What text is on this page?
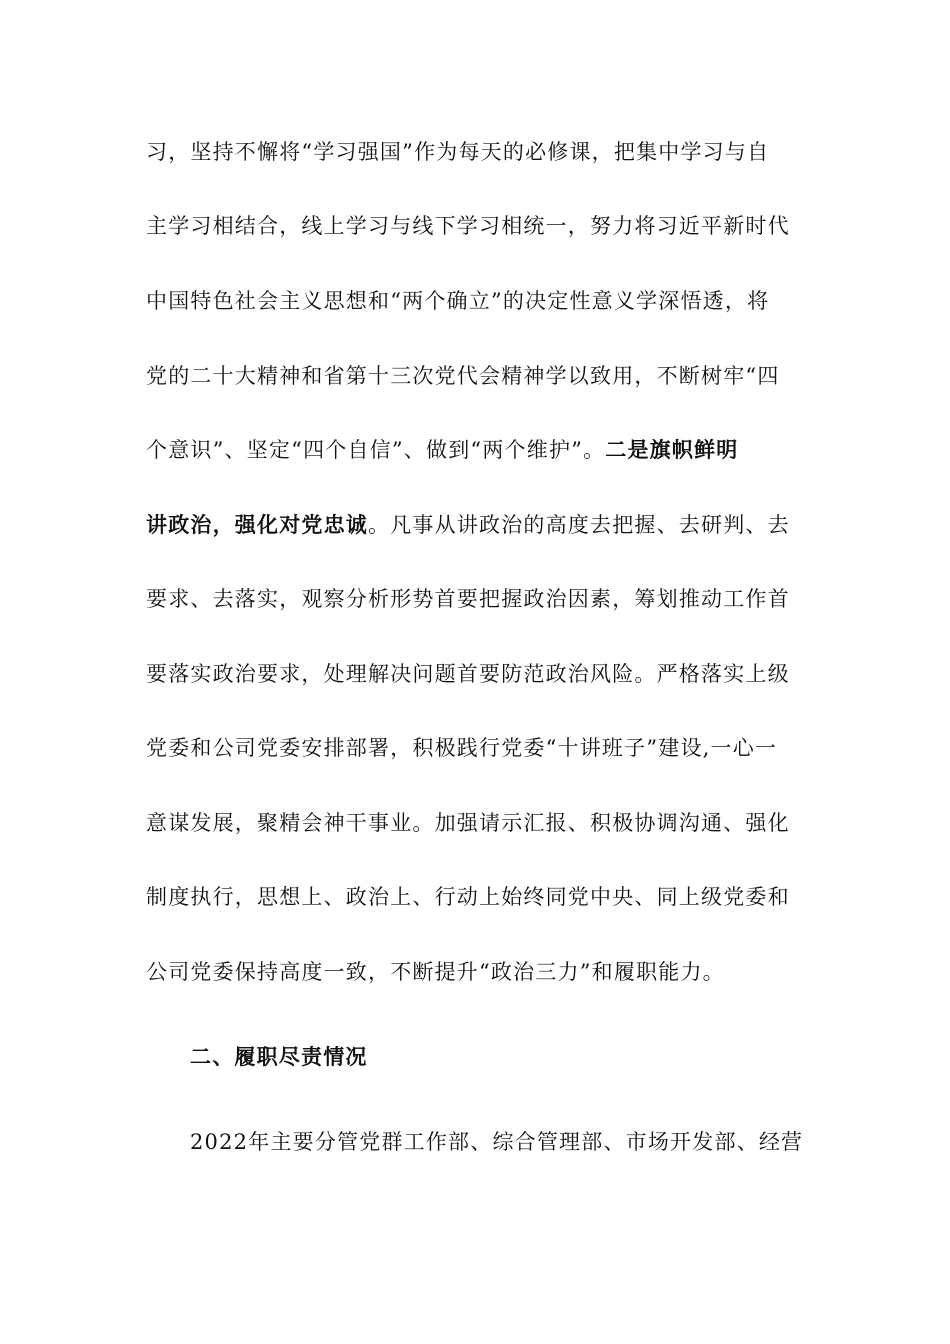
习，坚持不懈将“学习强国”作为每天的必修课，把集中学习与自
主学习相结合，线上学习与线下学习相统一，努力将习近平新时代
中国特色社会主义思想和“两个确立”的决定性意义学深悟透，将
党的二十大精神和省第十三次党代会精神学以致用，不断树牢“四
个意识”、坚定“四个自信”、做到“两个维护”。二是旗帜鲜明
讲政治，强化对党忠诚。凡事从讲政治的高度去把握、去研判、去
要求、去落实，观察分析形势首要把握政治因素，筹划推动工作首
要落实政治要求，处理解决问题首要防范政治风险。严格落实上级
党委和公司党委安排部署，积极践行党委“十讲班子”建设,一心一
意谋发展，聚精会神干事业。加强请示汇报、积极协调沟通、强化
制度执行，思想上、政治上、行动上始终同党中央、同上级党委和
公司党委保持高度一致，不断提升“政治三力”和履职能力。
二、履职尽责情况
2022年主要分管党群工作部、综合管理部、市场开发部、经营
